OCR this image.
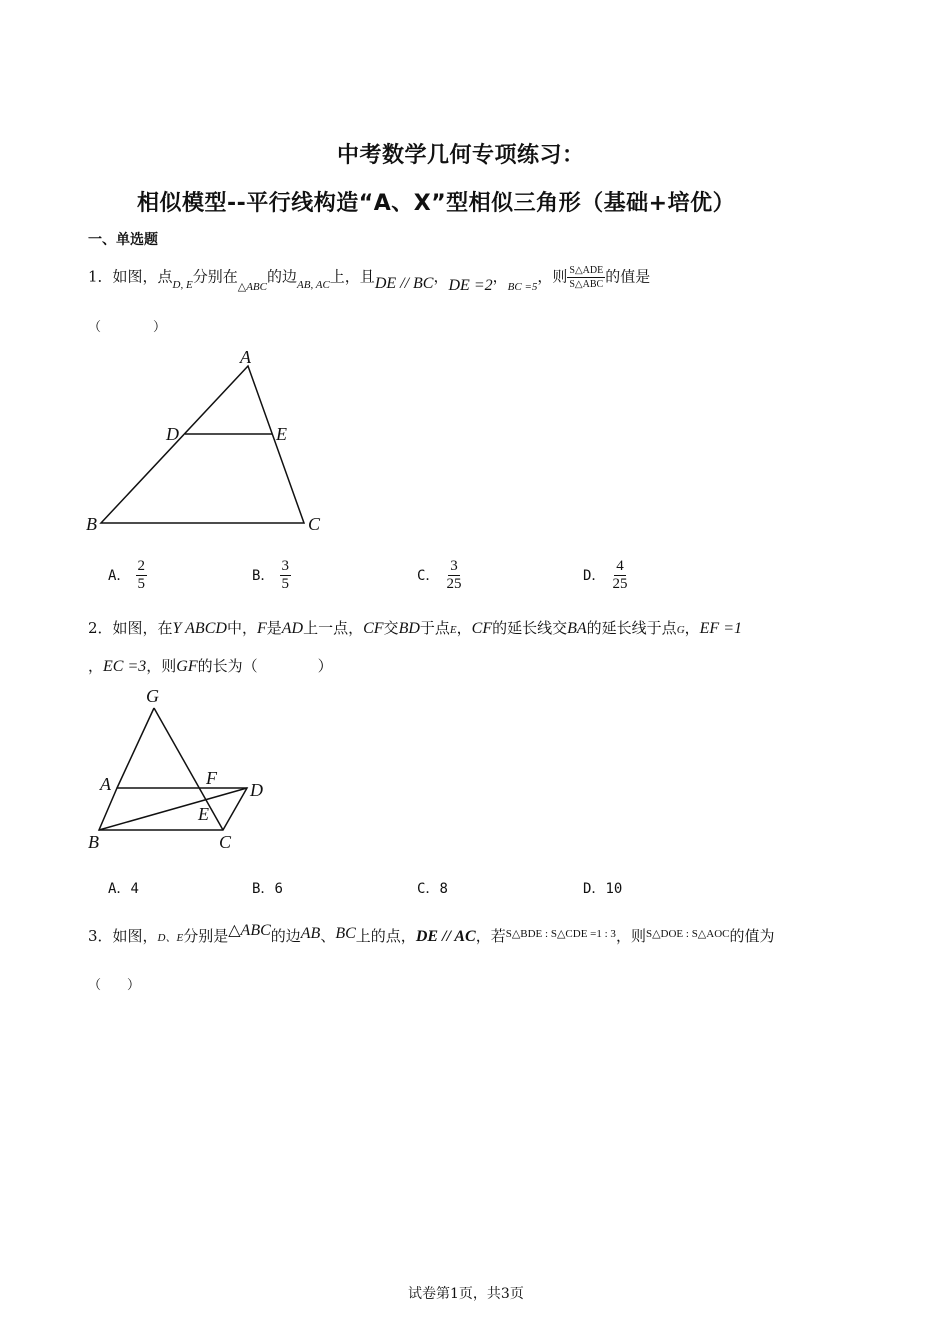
中考数学几何专项练习：
相似模型--平行线构造“A、X”型相似三角形（基础+培优）
一、单选题
1．如图，点$_{D, E}$分别在$_{\triangle ABC}$的边$_{AB, AC}$上，且DE // BC，DE =2，$_{BC =5}$，则 $\frac{\text{S△ADE}}{\text{S△ABC}}$ 的值是
（　　　　）
A
D	E
B	C
A． $\frac{2}{5}$	B． $\frac{3}{5}$	C． $\frac{3}{25}$	D． $\frac{4}{25}$
2．如图，在Y ABCD中，F是AD上一点，CF交BD于点E，CF的延长线交BA的延长线于点G，EF =1
，EC =3，则GF的长为（　　　　）
G
A	F
D
E
B	C
A．4	B．6	C．8	D．10
3．如图，D、E分别是△ABC的边AB、BC上的点，DE // AC，若$^{S\triangle BDE : S\triangle CDE =1 : 3}$，则$^{S\triangle DOE : S\triangle AOC}$的值为
（　　）
试卷第1页，共3页
